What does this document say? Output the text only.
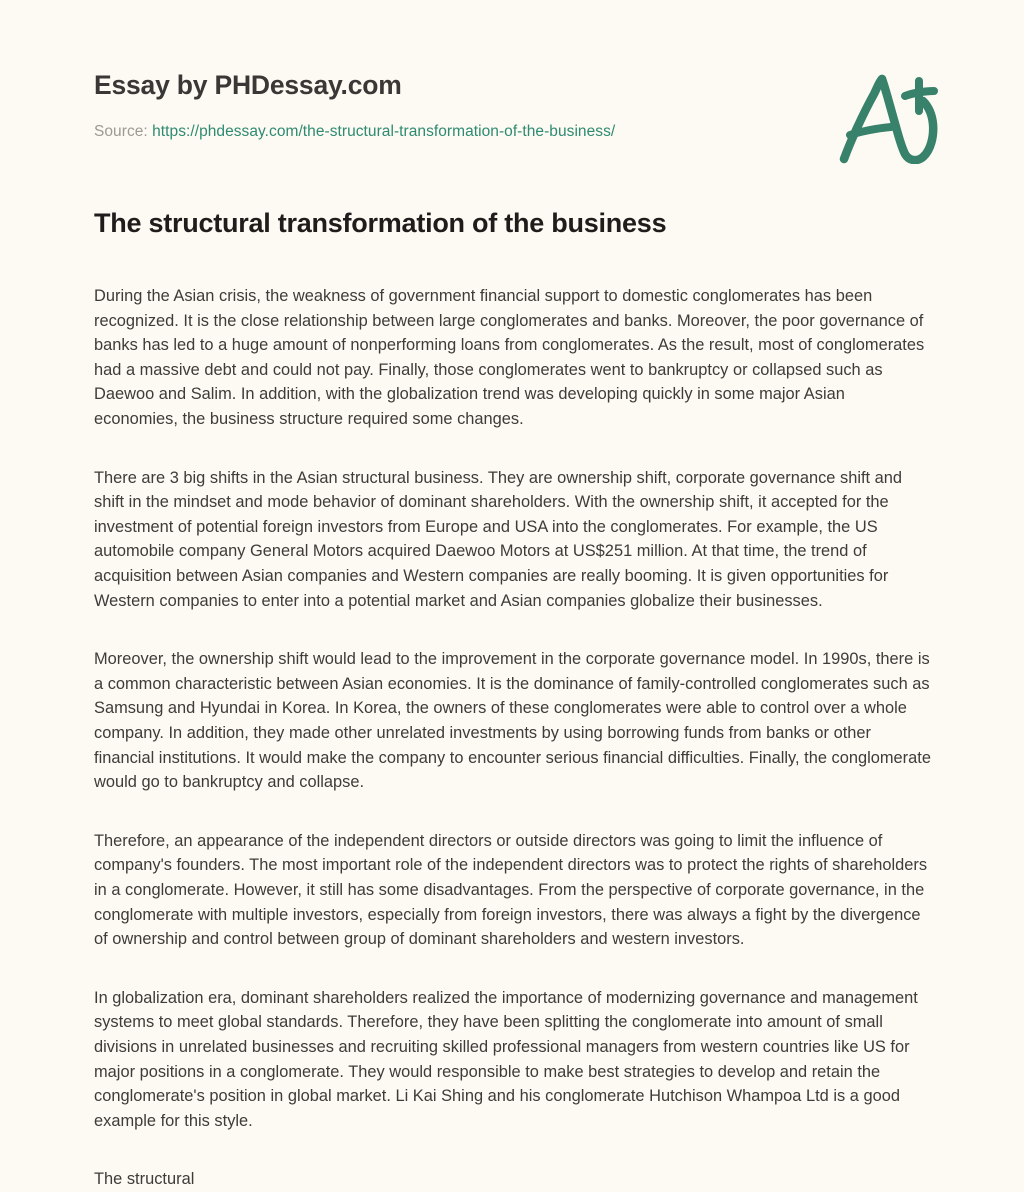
Essay by PHDessay.com
Source: https://phdessay.com/the-structural-transformation-of-the-business/
The structural transformation of the business

During the Asian crisis, the weakness of government financial support to domestic conglomerates has been recognized. It is the close relationship between large conglomerates and banks. Moreover, the poor governance of banks has led to a huge amount of nonperforming loans from conglomerates. As the result, most of conglomerates had a massive debt and could not pay. Finally, those conglomerates went to bankruptcy or collapsed such as Daewoo and Salim. In addition, with the globalization trend was developing quickly in some major Asian economies, the business structure required some changes.

There are 3 big shifts in the Asian structural business. They are ownership shift, corporate governance shift and shift in the mindset and mode behavior of dominant shareholders. With the ownership shift, it accepted for the investment of potential foreign investors from Europe and USA into the conglomerates. For example, the US automobile company General Motors acquired Daewoo Motors at US$251 million. At that time, the trend of acquisition between Asian companies and Western companies are really booming. It is given opportunities for Western companies to enter into a potential market and Asian companies globalize their businesses.

Moreover, the ownership shift would lead to the improvement in the corporate governance model. In 1990s, there is a common characteristic between Asian economies. It is the dominance of family-controlled conglomerates such as Samsung and Hyundai in Korea. In Korea, the owners of these conglomerates were able to control over a whole company. In addition, they made other unrelated investments by using borrowing funds from banks or other financial institutions. It would make the company to encounter serious financial difficulties. Finally, the conglomerate would go to bankruptcy and collapse.

Therefore, an appearance of the independent directors or outside directors was going to limit the influence of company's founders. The most important role of the independent directors was to protect the rights of shareholders in a conglomerate. However, it still has some disadvantages. From the perspective of corporate governance, in the conglomerate with multiple investors, especially from foreign investors, there was always a fight by the divergence of ownership and control between group of dominant shareholders and western investors.

In globalization era, dominant shareholders realized the importance of modernizing governance and management systems to meet global standards. Therefore, they have been splitting the conglomerate into amount of small divisions in unrelated businesses and recruiting skilled professional managers from western countries like US for major positions in a conglomerate. They would responsible to make best strategies to develop and retain the conglomerate's position in global market. Li Kai Shing and his conglomerate Hutchison Whampoa Ltd is a good example for this style.

The structural
